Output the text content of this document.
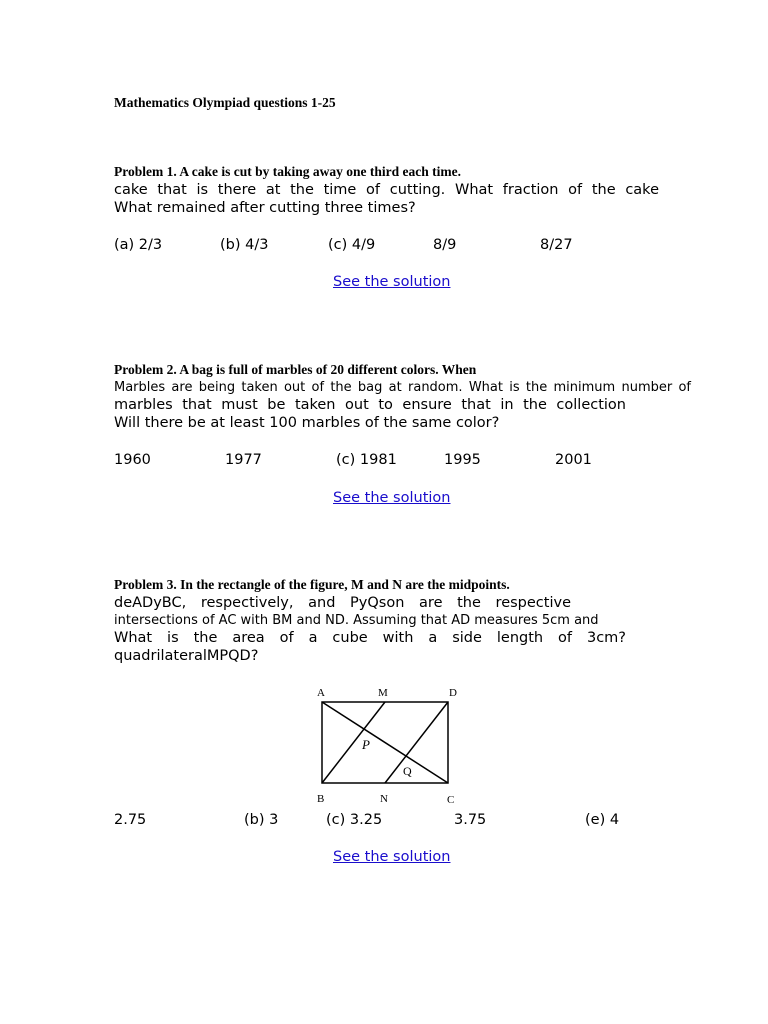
Mathematics Olympiad questions 1-25
Problem 1. A cake is cut by taking away one third each time.
cake that is there at the time of cutting. What fraction of the cake
What remained after cutting three times?
(a) 2/3	(b) 4/3	(c) 4/9	8/9	8/27
See the solution
Problem 2. A bag is full of marbles of 20 different colors. When
Marbles are being taken out of the bag at random. What is the minimum number of
marbles that must be taken out to ensure that in the collection
Will there be at least 100 marbles of the same color?
1960	1977	(c) 1981	1995	2001
See the solution
Problem 3. In the rectangle of the figure, M and N are the midpoints.
deADyBC, respectively, and PyQson are the respective
intersections of AC with BM and ND. Assuming that AD measures 5cm and
What is the area of a cube with a side length of 3cm?
quadrilateralMPQD?
A	M	D
P
Q
B	N	C
2.75	(b) 3	(c) 3.25	3.75	(e) 4
See the solution
